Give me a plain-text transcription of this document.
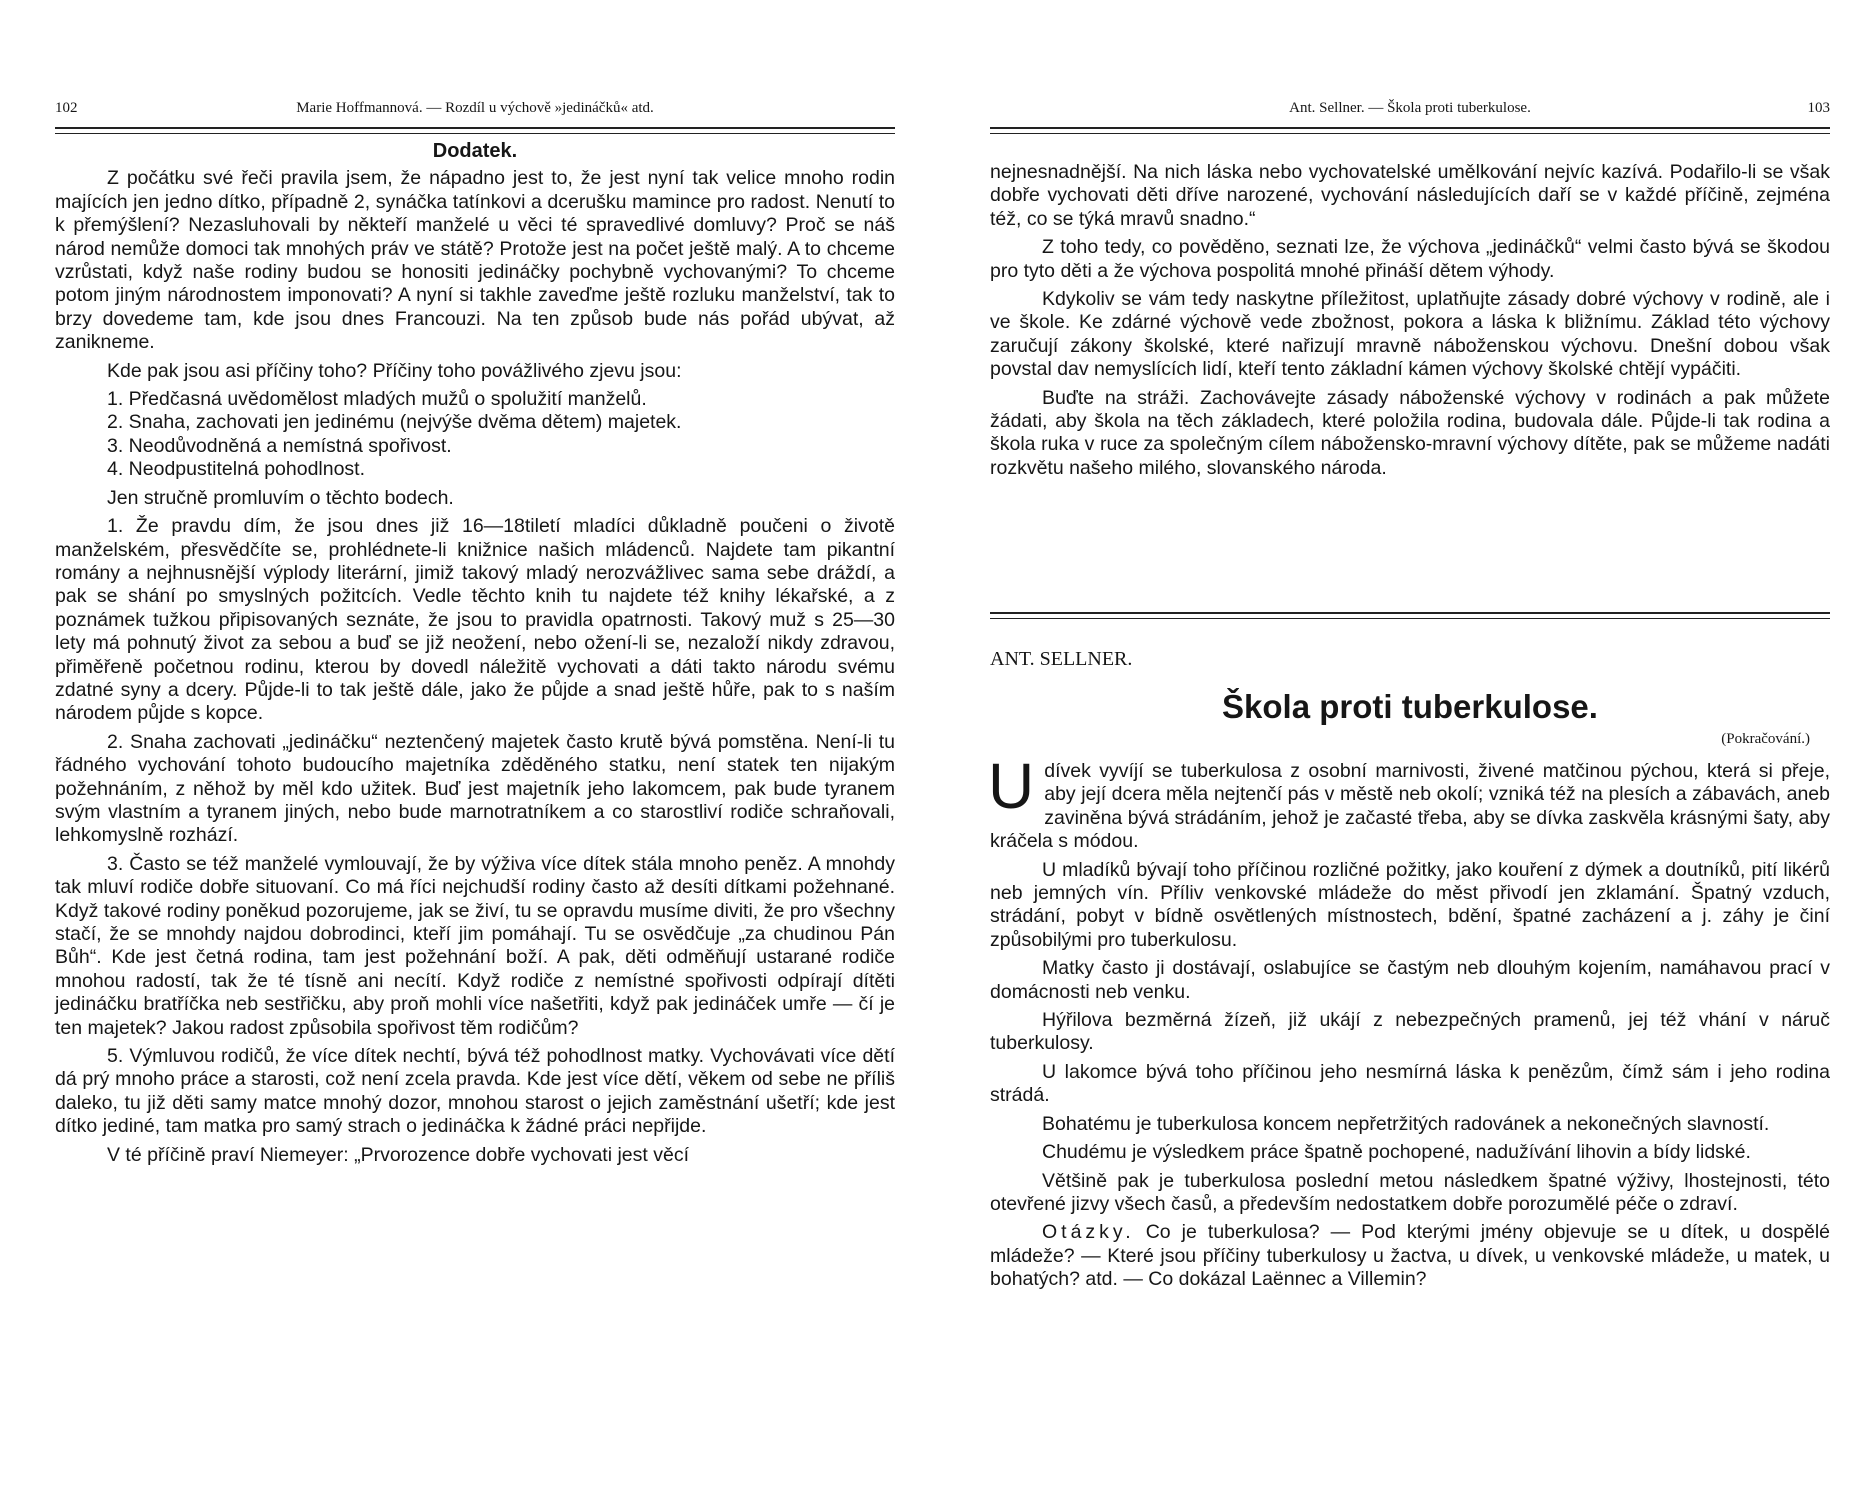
102	Marie Hoffmannová. — Rozdíl u výchově »jedináčků« atd.
Dodatek.

Z počátku své řeči pravila jsem, že nápadno jest to, že jest nyní tak velice mnoho rodin majících jen jedno dítko, případně 2, synáčka tatínkovi a dcerušku mamince pro radost. Nenutí to k přemýšlení? Nezasluhovali by někteří manželé u věci té spravedlivé domluvy? Proč se náš národ nemůže domoci tak mnohých práv ve státě? Protože jest na počet ještě malý. A to chceme vzrůstati, když naše rodiny budou se honositi jedináčky pochybně vychovanými? To chceme potom jiným národnostem imponovati? A nyní si takhle zaveďme ještě rozluku manželství, tak to brzy dovedeme tam, kde jsou dnes Francouzi. Na ten způsob bude nás pořád ubývat, až zanikneme.

Kde pak jsou asi příčiny toho? Příčiny toho povážlivého zjevu jsou:

1. Předčasná uvědomělost mladých mužů o spolužití manželů.

2. Snaha, zachovati jen jedinému (nejvýše dvěma dětem) majetek.

3. Neodůvodněná a nemístná spořivost.

4. Neodpustitelná pohodlnost.

Jen stručně promluvím o těchto bodech.

1. Že pravdu dím, že jsou dnes již 16—18tiletí mladíci důkladně poučeni o životě manželském, přesvědčíte se, prohlédnete-li knižnice našich mládenců. Najdete tam pikantní romány a nejhnusnější výplody literární, jimiž takový mladý nerozvážlivec sama sebe dráždí, a pak se shání po smyslných požitcích. Vedle těchto knih tu najdete též knihy lékařské, a z poznámek tužkou připisovaných seznáte, že jsou to pravidla opatrnosti. Takový muž s 25—30 lety má pohnutý život za sebou a buď se již neožení, nebo ožení-li se, nezaloží nikdy zdravou, přiměřeně početnou rodinu, kterou by dovedl náležitě vychovati a dáti takto národu svému zdatné syny a dcery. Půjde-li to tak ještě dále, jako že půjde a snad ještě hůře, pak to s naším národem půjde s kopce.

2. Snaha zachovati „jedináčku“ neztenčený majetek často krutě bývá pomstěna. Není-li tu řádného vychování tohoto budoucího majetníka zděděného statku, není statek ten nijakým požehnáním, z něhož by měl kdo užitek. Buď jest majetník jeho lakomcem, pak bude tyranem svým vlastním a tyranem jiných, nebo bude marnotratníkem a co starostliví rodiče schraňovali, lehkomyslně rozhází.

3. Často se též manželé vymlouvají, že by výživa více dítek stála mnoho peněz. A mnohdy tak mluví rodiče dobře situovaní. Co má říci nejchudší rodiny často až desíti dítkami požehnané. Když takové rodiny poněkud pozorujeme, jak se živí, tu se opravdu musíme diviti, že pro všechny stačí, že se mnohdy najdou dobrodinci, kteří jim pomáhají. Tu se osvědčuje „za chudinou Pán Bůh“. Kde jest četná rodina, tam jest požehnání boží. A pak, děti odměňují ustarané rodiče mnohou radostí, tak že té tísně ani necítí. Když rodiče z nemístné spořivosti odpírají dítěti jedináčku bratříčka neb sestřičku, aby proň mohli více našetřiti, když pak jedináček umře — čí je ten majetek? Jakou radost způsobila spořivost těm rodičům?

5. Výmluvou rodičů, že více dítek nechtí, bývá též pohodlnost matky. Vychovávati více dětí dá prý mnoho práce a starosti, což není zcela pravda. Kde jest více dětí, věkem od sebe ne příliš daleko, tu již děti samy matce mnohý dozor, mnohou starost o jejich zaměstnání ušetří; kde jest dítko jediné, tam matka pro samý strach o jedináčka k žádné práci nepřijde.

V té příčině praví Niemeyer: „Prvorozence dobře vychovati jest věcí

Ant. Sellner. — Škola proti tuberkulose.	103

nejnesnadnější. Na nich láska nebo vychovatelské umělkování nejvíc kazívá. Podařilo-li se však dobře vychovati děti dříve narozené, vychování následujících daří se v každé příčině, zejména též, co se týká mravů snadno.“

Z toho tedy, co pověděno, seznati lze, že výchova „jedináčků“ velmi často bývá se škodou pro tyto děti a že výchova pospolitá mnohé přináší dětem výhody.

Kdykoliv se vám tedy naskytne příležitost, uplatňujte zásady dobré výchovy v rodině, ale i ve škole. Ke zdárné výchově vede zbožnost, pokora a láska k bližnímu. Základ této výchovy zaručují zákony školské, které nařizují mravně náboženskou výchovu. Dnešní dobou však povstal dav nemyslících lidí, kteří tento základní kámen výchovy školské chtějí vypáčiti.

Buďte na stráži. Zachovávejte zásady náboženské výchovy v rodinách a pak můžete žádati, aby škola na těch základech, které položila rodina, budovala dále. Půjde-li tak rodina a škola ruka v ruce za společným cílem nábožensko-mravní výchovy dítěte, pak se můžeme nadáti rozkvětu našeho milého, slovanského národa.

ANT. SELLNER.
Škola proti tuberkulose.
(Pokračování.)

Udívek vyvíjí se tuberkulosa z osobní marnivosti, živené matčinou pýchou, která si přeje, aby její dcera měla nejtenčí pás v městě neb okolí; vzniká též na plesích a zábavách, aneb zaviněna bývá strádáním, jehož je začasté třeba, aby se dívka zaskvěla krásnými šaty, aby kráčela s módou.

U mladíků bývají toho příčinou rozličné požitky, jako kouření z dýmek a doutníků, pití likérů neb jemných vín. Příliv venkovské mládeže do měst přivodí jen zklamání. Špatný vzduch, strádání, pobyt v bídně osvětlených místnostech, bdění, špatné zacházení a j. záhy je činí způsobilými pro tuberkulosu.

Matky často ji dostávají, oslabujíce se častým neb dlouhým kojením, namáhavou prací v domácnosti neb venku.

Hýřilova bezměrná žízeň, již ukájí z nebezpečných pramenů, jej též vhání v náruč tuberkulosy.

U lakomce bývá toho příčinou jeho nesmírná láska k penězům, čímž sám i jeho rodina strádá.

Bohatému je tuberkulosa koncem nepřetržitých radovánek a nekonečných slavností.

Chudému je výsledkem práce špatně pochopené, nadužívání lihovin a bídy lidské.

Většině pak je tuberkulosa poslední metou následkem špatné výživy, lhostejnosti, této otevřené jizvy všech časů, a především nedostatkem dobře porozumělé péče o zdraví.

Otázky. Co je tuberkulosa? — Pod kterými jmény objevuje se u dítek, u dospělé mládeže? — Které jsou příčiny tuberkulosy u žactva, u dívek, u venkovské mládeže, u matek, u bohatých? atd. — Co dokázal Laënnec a Villemin?
